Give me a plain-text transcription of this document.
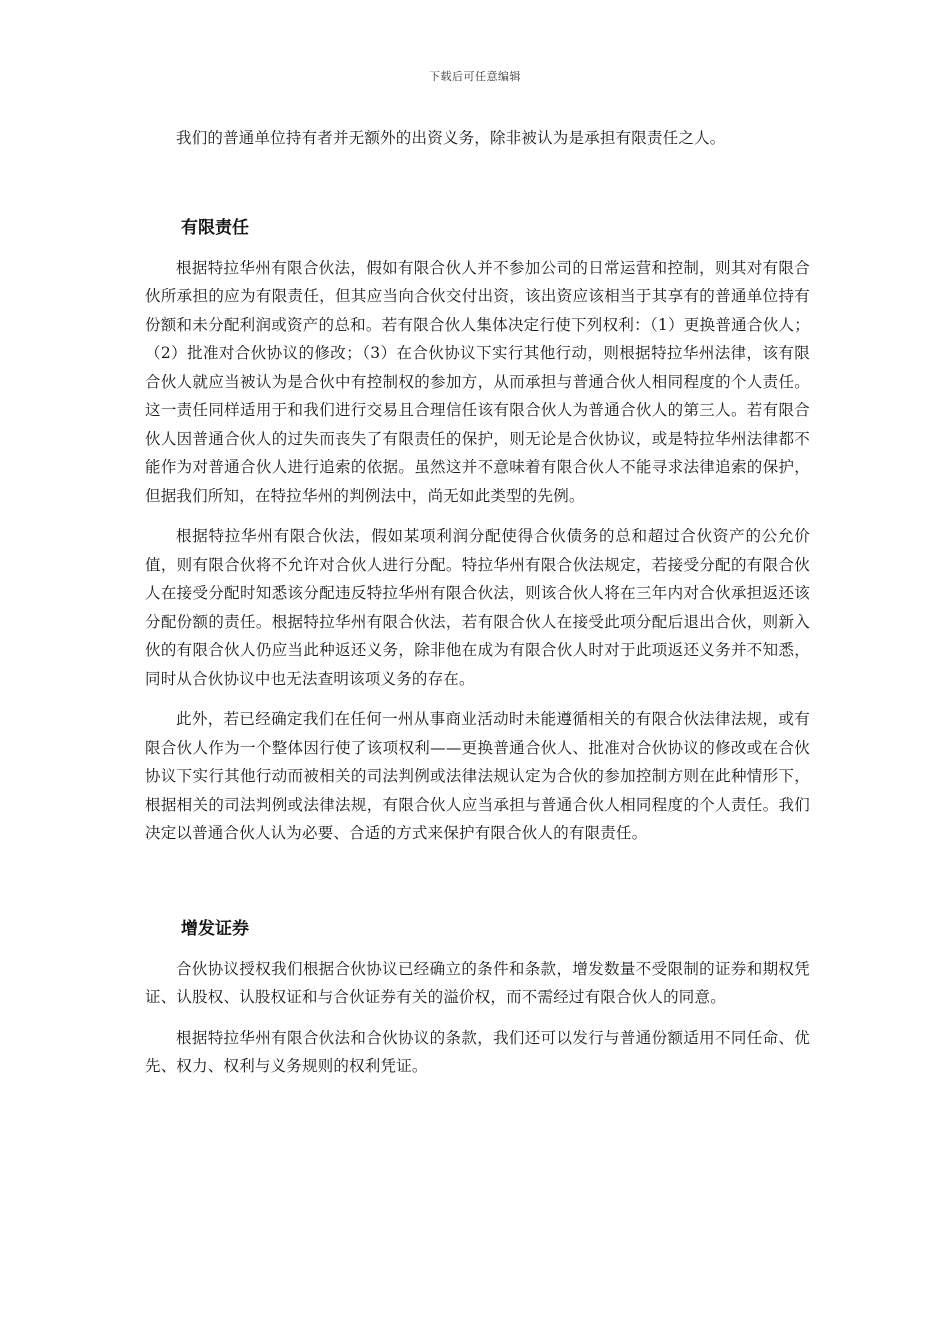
下载后可任意编辑

我们的普通单位持有者并无额外的出资义务，除非被认为是承担有限责任之人。

有限责任

根据特拉华州有限合伙法，假如有限合伙人并不参加公司的日常运营和控制，则其对有限合伙所承担的应为有限责任，但其应当向合伙交付出资，该出资应该相当于其享有的普通单位持有份额和未分配利润或资产的总和。若有限合伙人集体决定行使下列权利：（1）更换普通合伙人；（2）批准对合伙协议的修改；（3）在合伙协议下实行其他行动，则根据特拉华州法律，该有限合伙人就应当被认为是合伙中有控制权的参加方，从而承担与普通合伙人相同程度的个人责任。这一责任同样适用于和我们进行交易且合理信任该有限合伙人为普通合伙人的第三人。若有限合伙人因普通合伙人的过失而丧失了有限责任的保护，则无论是合伙协议，或是特拉华州法律都不能作为对普通合伙人进行追索的依据。虽然这并不意味着有限合伙人不能寻求法律追索的保护，但据我们所知，在特拉华州的判例法中，尚无如此类型的先例。

根据特拉华州有限合伙法，假如某项利润分配使得合伙债务的总和超过合伙资产的公允价值，则有限合伙将不允许对合伙人进行分配。特拉华州有限合伙法规定，若接受分配的有限合伙人在接受分配时知悉该分配违反特拉华州有限合伙法，则该合伙人将在三年内对合伙承担返还该分配份额的责任。根据特拉华州有限合伙法，若有限合伙人在接受此项分配后退出合伙，则新入伙的有限合伙人仍应当此种返还义务，除非他在成为有限合伙人时对于此项返还义务并不知悉，同时从合伙协议中也无法查明该项义务的存在。

此外，若已经确定我们在任何一州从事商业活动时未能遵循相关的有限合伙法律法规，或有限合伙人作为一个整体因行使了该项权利——更换普通合伙人、批准对合伙协议的修改或在合伙协议下实行其他行动而被相关的司法判例或法律法规认定为合伙的参加控制方则在此种情形下，根据相关的司法判例或法律法规，有限合伙人应当承担与普通合伙人相同程度的个人责任。我们决定以普通合伙人认为必要、合适的方式来保护有限合伙人的有限责任。

增发证券

合伙协议授权我们根据合伙协议已经确立的条件和条款，增发数量不受限制的证券和期权凭证、认股权、认股权证和与合伙证券有关的溢价权，而不需经过有限合伙人的同意。

根据特拉华州有限合伙法和合伙协议的条款，我们还可以发行与普通份额适用不同任命、优先、权力、权利与义务规则的权利凭证。
